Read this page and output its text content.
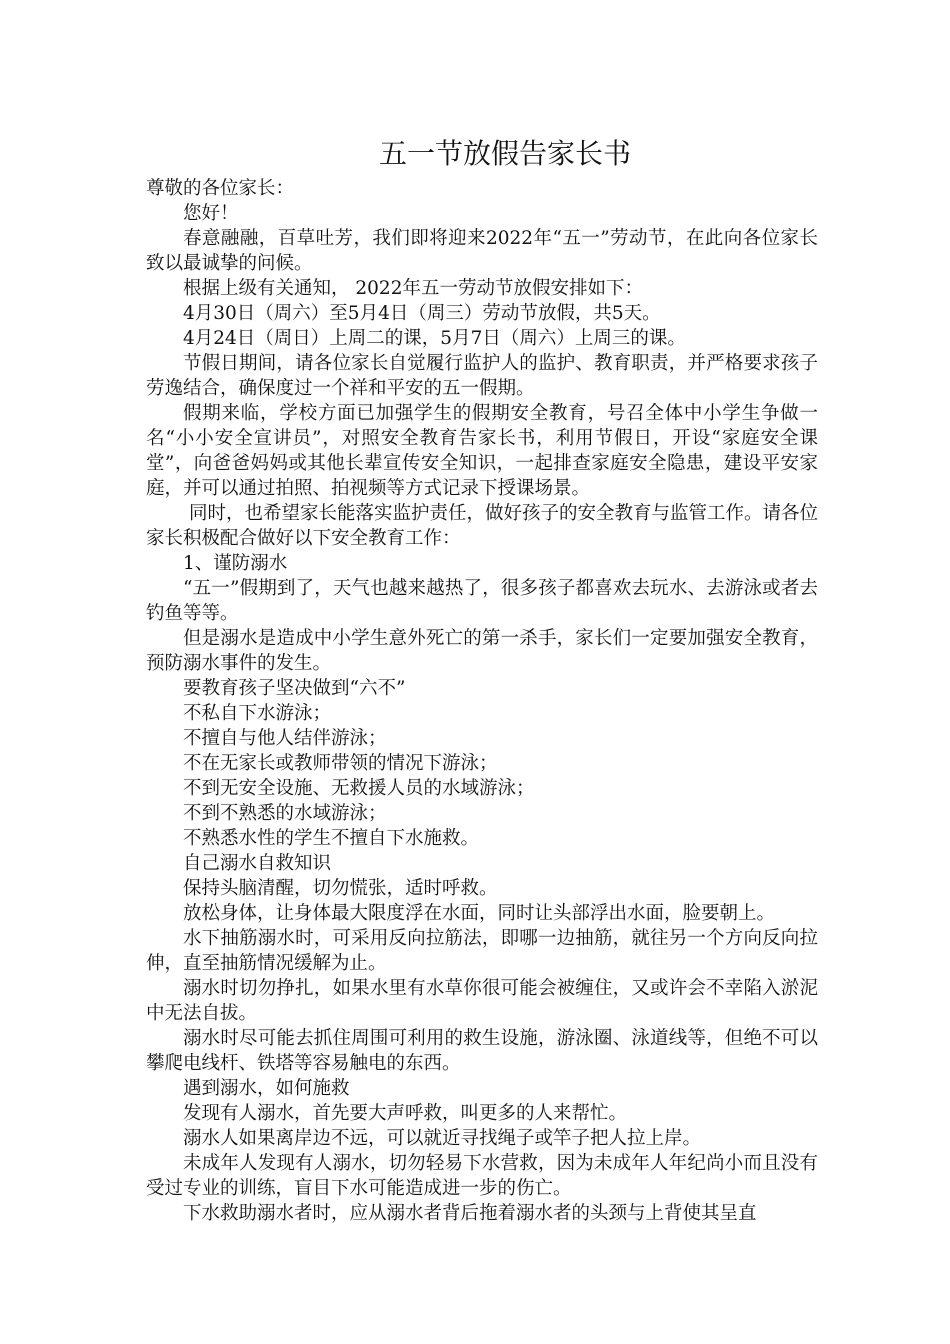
五一节放假告家长书

尊敬的各位家长：

您好！

春意融融，百草吐芳，我们即将迎来2022年“五一”劳动节，在此向各位家长致以最诚挚的问候。

根据上级有关通知， 2022年五一劳动节放假安排如下：

4月30日（周六）至5月4日（周三）劳动节放假，共5天。

4月24日（周日）上周二的课，5月7日（周六）上周三的课。

节假日期间，请各位家长自觉履行监护人的监护、教育职责，并严格要求孩子劳逸结合，确保度过一个祥和平安的五一假期。

假期来临，学校方面已加强学生的假期安全教育，号召全体中小学生争做一名“小小安全宣讲员”，对照安全教育告家长书，利用节假日，开设“家庭安全课堂”，向爸爸妈妈或其他长辈宣传安全知识，一起排查家庭安全隐患，建设平安家庭，并可以通过拍照、拍视频等方式记录下授课场景。

同时，也希望家长能落实监护责任，做好孩子的安全教育与监管工作。请各位家长积极配合做好以下安全教育工作：

1、谨防溺水

“五一”假期到了，天气也越来越热了，很多孩子都喜欢去玩水、去游泳或者去钓鱼等等。

但是溺水是造成中小学生意外死亡的第一杀手，家长们一定要加强安全教育，预防溺水事件的发生。

要教育孩子坚决做到“六不”

不私自下水游泳；

不擅自与他人结伴游泳；

不在无家长或教师带领的情况下游泳；

不到无安全设施、无救援人员的水域游泳；

不到不熟悉的水域游泳；

不熟悉水性的学生不擅自下水施救。

自己溺水自救知识

保持头脑清醒，切勿慌张，适时呼救。

放松身体，让身体最大限度浮在水面，同时让头部浮出水面，脸要朝上。

水下抽筋溺水时，可采用反向拉筋法，即哪一边抽筋，就往另一个方向反向拉伸，直至抽筋情况缓解为止。

溺水时切勿挣扎，如果水里有水草你很可能会被缠住，又或许会不幸陷入淤泥中无法自拔。

溺水时尽可能去抓住周围可利用的救生设施，游泳圈、泳道线等，但绝不可以攀爬电线杆、铁塔等容易触电的东西。

遇到溺水，如何施救

发现有人溺水，首先要大声呼救，叫更多的人来帮忙。

溺水人如果离岸边不远，可以就近寻找绳子或竿子把人拉上岸。

未成年人发现有人溺水，切勿轻易下水营救，因为未成年人年纪尚小而且没有受过专业的训练，盲目下水可能造成进一步的伤亡。

下水救助溺水者时，应从溺水者背后拖着溺水者的头颈与上背使其呈直
